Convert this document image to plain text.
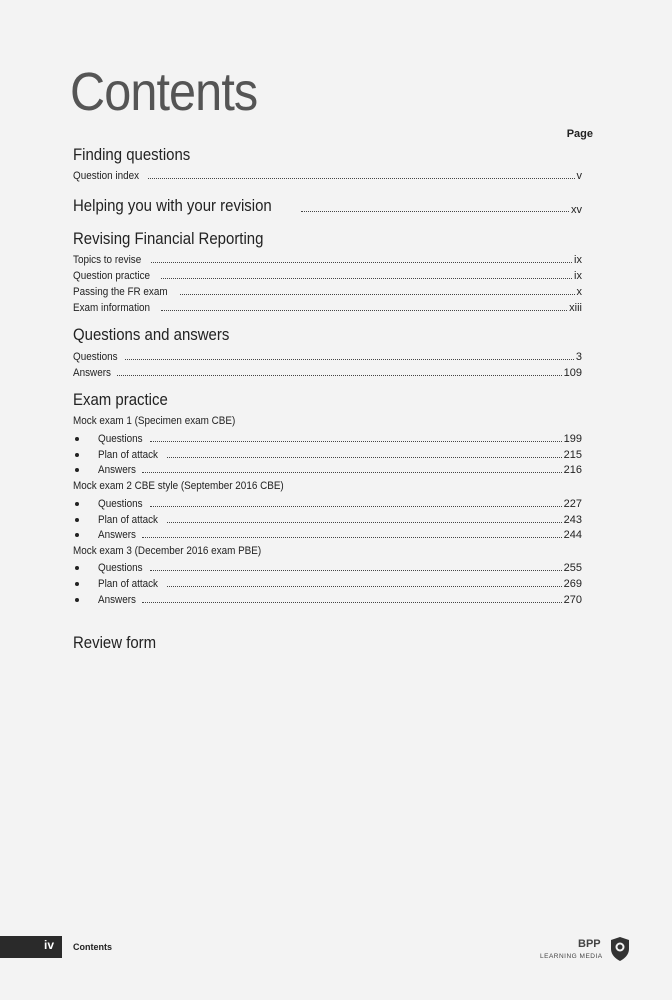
Contents
Page
Finding questions
Question index	v
Helping you with your revision	xv
Revising Financial Reporting
Topics to revise	ix
Question practice	ix
Passing the FR exam	x
Exam information	xiii
Questions and answers
Questions	3
Answers	109
Exam practice
Mock exam 1 (Specimen exam CBE)
Questions	199
Plan of attack	215
Answers	216
Mock exam 2 CBE style (September 2016 CBE)
Questions	227
Plan of attack	243
Answers	244
Mock exam 3 (December 2016 exam PBE)
Questions	255
Plan of attack	269
Answers	270
Review form
iv Contents	BPP
LEARNING MEDIA
